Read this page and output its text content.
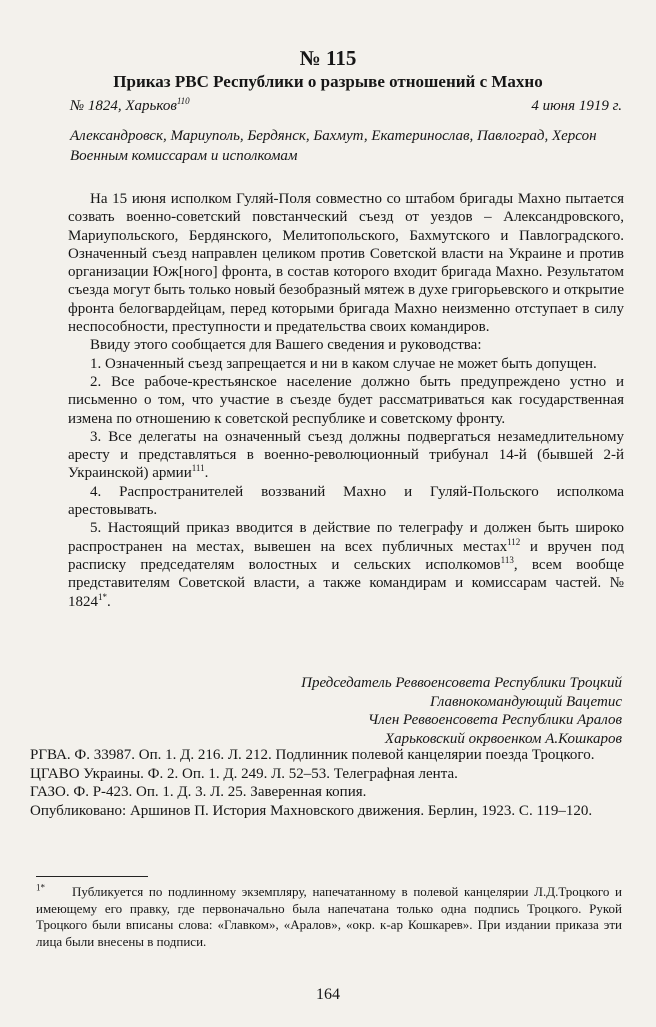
№ 115
Приказ РВС Республики о разрыве отношений с Махно
№ 1824, Харьков$^{110}$	4 июня 1919 г.
Александровск, Мариуполь, Бердянск, Бахмут, Екатеринослав, Павлоград, Херсон
Военным комиссарам и исполкомам

На 15 июня исполком Гуляй-Поля совместно со штабом бригады Махно пытается созвать военно-советский повстанческий съезд от уездов – Александровского, Мариупольского, Бердянского, Мелитопольского, Бахмутского и Павлоградского. Означенный съезд направлен целиком против Советской власти на Украине и против организации Юж[ного] фронта, в состав которого входит бригада Махно. Результатом съезда могут быть только новый безобразный мятеж в духе григорьевского и открытие фронта белогвардейцам, перед которыми бригада Махно неизменно отступает в силу неспособности, преступности и предательства своих командиров.

Ввиду этого сообщается для Вашего сведения и руководства:

1. Означенный съезд запрещается и ни в каком случае не может быть допущен.

2. Все рабоче-крестьянское население должно быть предупреждено устно и письменно о том, что участие в съезде будет рассматриваться как государственная измена по отношению к советской республике и советскому фронту.

3. Все делегаты на означенный съезд должны подвергаться незамедлительному аресту и представляться в военно-революционный трибунал 14-й (бывшей 2-й Украинской) армии$^{111}$.

4. Распространителей воззваний Махно и Гуляй-Польского исполкома арестовывать.

5. Настоящий приказ вводится в действие по телеграфу и должен быть широко распространен на местах, вывешен на всех публичных местах$^{112}$ и вручен под расписку председателям волостных и сельских исполкомов$^{113}$, всем вообще представителям Советской власти, а также командирам и комиссарам частей. № $1824^{1*}$.

Председатель Реввоенсовета Республики Троцкий
Главнокомандующий Вацетис
Член Реввоенсовета Республики Аралов
Харьковский окрвоенком А.Кошкаров
РГВА. Ф. 33987. Оп. 1. Д. 216. Л. 212. Подлинник полевой канцелярии поезда Троцкого.
ЦГАВО Украины. Ф. 2. Оп. 1. Д. 249. Л. 52–53. Телеграфная лента.
ГАЗО. Ф. Р-423. Оп. 1. Д. 3. Л. 25. Заверенная копия.
Опубликовано: Аршинов П. История Махновского движения. Берлин, 1923. С. 119–120.
$^{1*}$ Публикуется по подлинному экземпляру, напечатанному в полевой канцелярии Л.Д.Троцкого и имеющему его правку, где первоначально была напечатана только одна подпись Троцкого. Рукой Троцкого были вписаны слова: «Главком», «Аралов», «окр. к-ар Кошкарев». При издании приказа эти лица были внесены в подписи.
164
